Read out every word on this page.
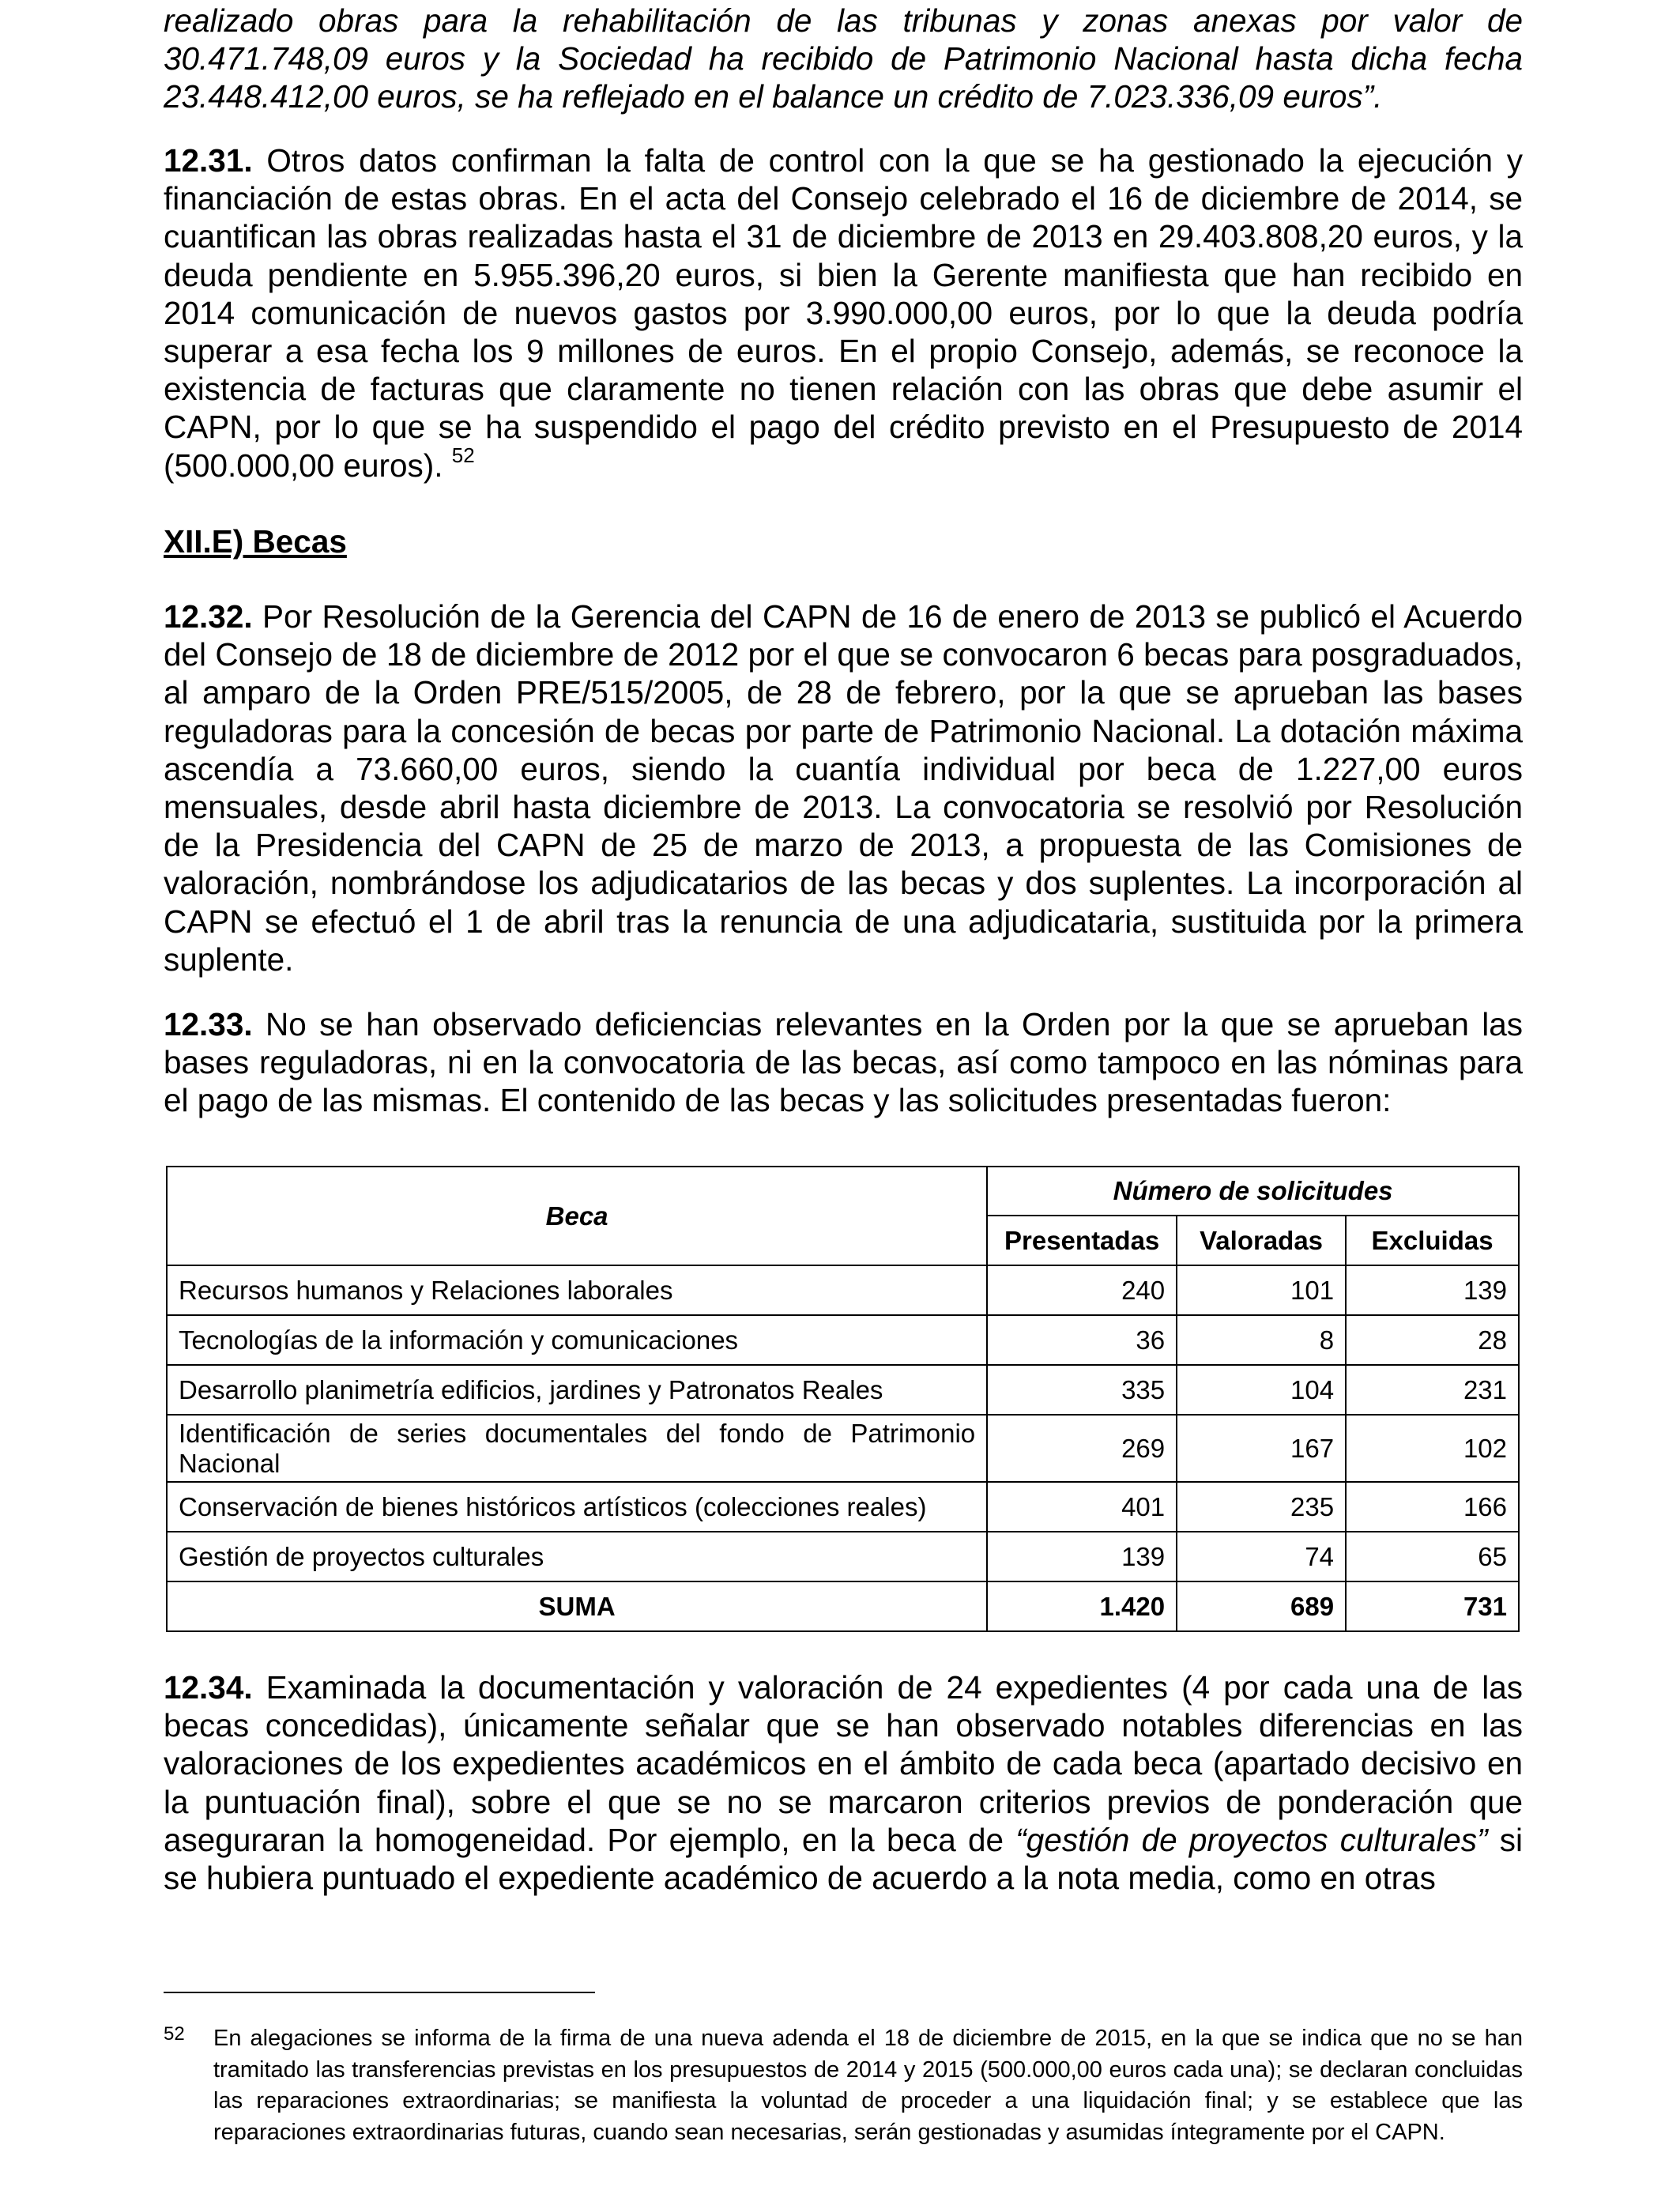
realizado obras para la rehabilitación de las tribunas y zonas anexas por valor de 30.471.748,09 euros y la Sociedad ha recibido de Patrimonio Nacional hasta dicha fecha 23.448.412,00 euros, se ha reflejado en el balance un crédito de 7.023.336,09 euros”.

12.31. Otros datos confirman la falta de control con la que se ha gestionado la ejecución y financiación de estas obras. En el acta del Consejo celebrado el 16 de diciembre de 2014, se cuantifican las obras realizadas hasta el 31 de diciembre de 2013 en 29.403.808,20 euros, y la deuda pendiente en 5.955.396,20 euros, si bien la Gerente manifiesta que han recibido en 2014 comunicación de nuevos gastos por 3.990.000,00 euros, por lo que la deuda podría superar a esa fecha los 9 millones de euros. En el propio Consejo, además, se reconoce la existencia de facturas que claramente no tienen relación con las obras que debe asumir el CAPN, por lo que se ha suspendido el pago del crédito previsto en el Presupuesto de 2014 (500.000,00 euros). $^{52}$

XII.E) Becas

12.32. Por Resolución de la Gerencia del CAPN de 16 de enero de 2013 se publicó el Acuerdo del Consejo de 18 de diciembre de 2012 por el que se convocaron 6 becas para posgraduados, al amparo de la Orden PRE/515/2005, de 28 de febrero, por la que se aprueban las bases reguladoras para la concesión de becas por parte de Patrimonio Nacional. La dotación máxima ascendía a 73.660,00 euros, siendo la cuantía individual por beca de 1.227,00 euros mensuales, desde abril hasta diciembre de 2013. La convocatoria se resolvió por Resolución de la Presidencia del CAPN de 25 de marzo de 2013, a propuesta de las Comisiones de valoración, nombrándose los adjudicatarios de las becas y dos suplentes. La incorporación al CAPN se efectuó el 1 de abril tras la renuncia de una adjudicataria, sustituida por la primera suplente.

12.33. No se han observado deficiencias relevantes en la Orden por la que se aprueban las bases reguladoras, ni en la convocatoria de las becas, así como tampoco en las nóminas para el pago de las mismas. El contenido de las becas y las solicitudes presentadas fueron:

Beca	Número de solicitudes		
	Presentadas	Valoradas	Excluidas
Recursos humanos y Relaciones laborales	240	101	139
Tecnologías de la información y comunicaciones	36	8	28
Desarrollo planimetría edificios, jardines y Patronatos Reales	335	104	231
Identificación de series documentales del fondo de Patrimonio Nacional	269	167	102
Conservación de bienes históricos artísticos (colecciones reales)	401	235	166
Gestión de proyectos culturales	139	74	65
SUMA	1.420	689	731

12.34. Examinada la documentación y valoración de 24 expedientes (4 por cada una de las becas concedidas), únicamente señalar que se han observado notables diferencias en las valoraciones de los expedientes académicos en el ámbito de cada beca (apartado decisivo en la puntuación final), sobre el que se no se marcaron criterios previos de ponderación que aseguraran la homogeneidad. Por ejemplo, en la beca de “gestión de proyectos culturales” si se hubiera puntuado el expediente académico de acuerdo a la nota media, como en otras

52 En alegaciones se informa de la firma de una nueva adenda el 18 de diciembre de 2015, en la que se indica que no se han tramitado las transferencias previstas en los presupuestos de 2014 y 2015 (500.000,00 euros cada una); se declaran concluidas las reparaciones extraordinarias; se manifiesta la voluntad de proceder a una liquidación final; y se establece que las reparaciones extraordinarias futuras, cuando sean necesarias, serán gestionadas y asumidas íntegramente por el CAPN.
